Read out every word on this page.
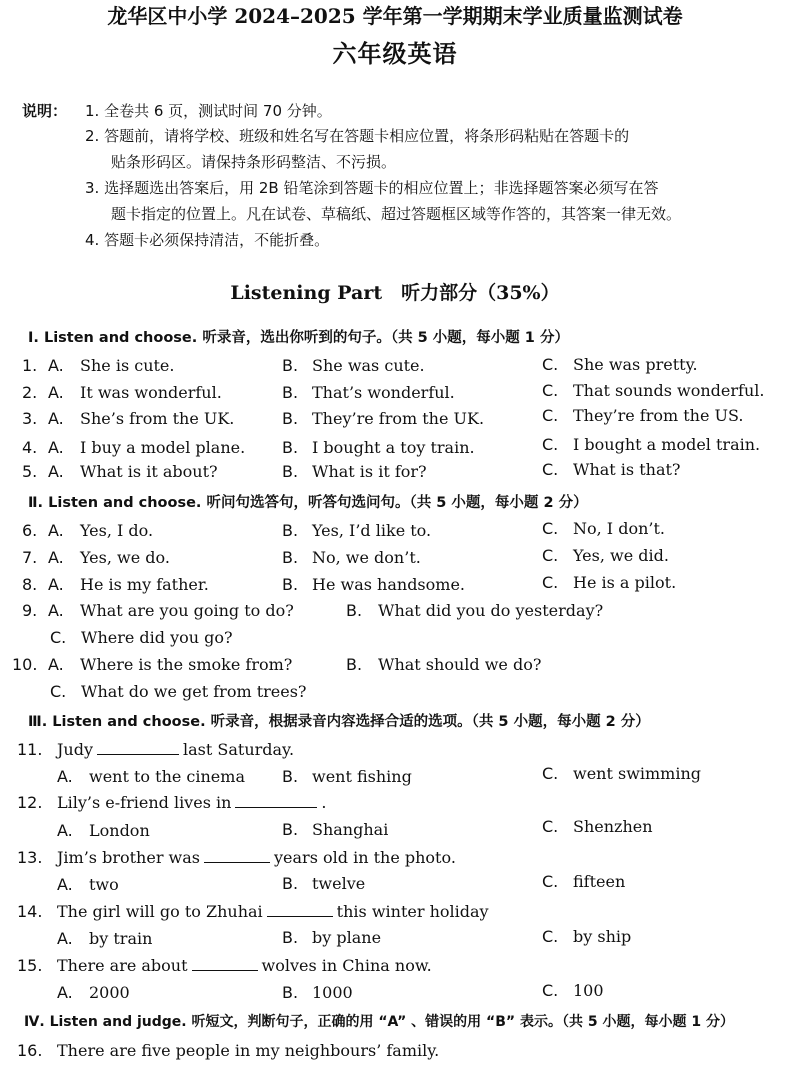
龙华区中小学 2024–2025 学年第一学期期末学业质量监测试卷
六年级英语
说明： 1. 全卷共 6 页，测试时间 70 分钟。
2. 答题前，请将学校、班级和姓名写在答题卡相应位置，将条形码粘贴在答题卡的
贴条形码区。请保持条形码整洁、不污损。
3. 选择题选出答案后，用 2B 铅笔涂到答题卡的相应位置上；非选择题答案必须写在答
题卡指定的位置上。凡在试卷、草稿纸、超过答题框区域等作答的，其答案一律无效。
4. 答题卡必须保持清洁，不能折叠。
Listening Part　听力部分（35%）
Ⅰ. Listen and choose. 听录音，选出你听到的句子。（共 5 小题，每小题 1 分）
1. A. She is cute.	B. She was cute.	C. She was pretty.
2. A. It was wonderful.	B. That’s wonderful.	C. That sounds wonderful.
3. A. She’s from the UK.	B. They’re from the UK.	C. They’re from the US.
4. A. I buy a model plane. B. I bought a toy train.	C. I bought a model train.
5. A. What is it about?	B. What is it for?	C. What is that?
Ⅱ. Listen and choose. 听问句选答句，听答句选问句。（共 5 小题，每小题 2 分）
6. A. Yes, I do.	B. Yes, I’d like to.	C. No, I don’t.
7. A. Yes, we do.	B. No, we don’t.	C. Yes, we did.
8. A. He is my father.	B. He was handsome.	C. He is a pilot.
9. A. What are you going to do?	B. What did you do yesterday?
C. Where did you go?
10. A. Where is the smoke from?	B. What should we do?
C. What do we get from trees?
Ⅲ. Listen and choose. 听录音，根据录音内容选择合适的选项。（共 5 小题，每小题 2 分）
11. Judy	last Saturday.
A. went to the cinema B. went fishing	C. went swimming
12. Lily’s e-friend lives in	.
A. London	B. Shanghai	C. Shenzhen
13. Jim’s brother was	years old in the photo.
A. two	B. twelve	C. fifteen
14. The girl will go to Zhuhai	this winter holiday
A. by train	B. by plane	C. by ship
15. There are about	wolves in China now.
A. 2000	B. 1000	C. 100
Ⅳ. Listen and judge. 听短文，判断句子，正确的用 “A” 、错误的用 “B” 表示。（共 5 小题，每小题 1 分）
16. There are five people in my neighbours’ family.
